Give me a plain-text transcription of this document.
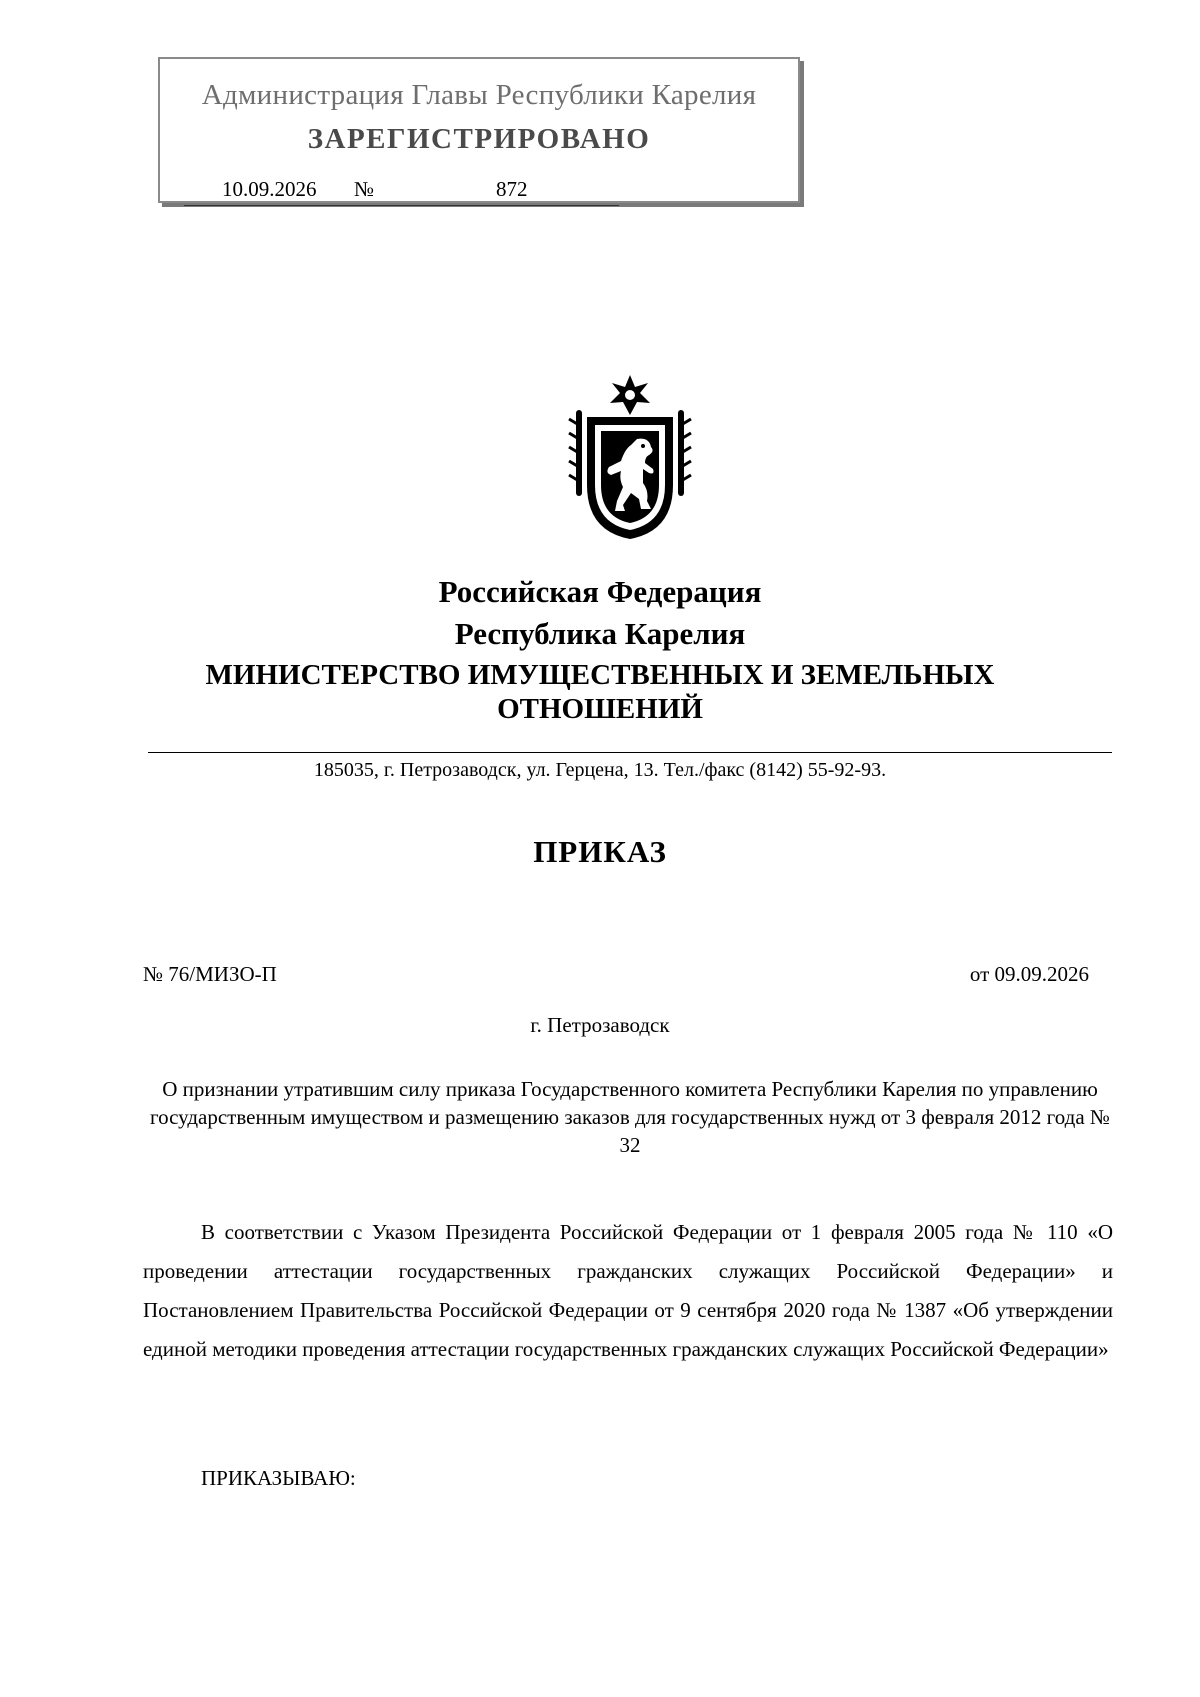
Администрация Главы Республики Карелия
ЗАРЕГИСТРИРОВАНО
10.09.2026 №	872
Российская Федерация
Республика Карелия
МИНИСТЕРСТВО ИМУЩЕСТВЕННЫХ И ЗЕМЕЛЬНЫХ ОТНОШЕНИЙ
185035, г. Петрозаводск, ул. Герцена, 13. Тел./факс (8142) 55-92-93.
ПРИКАЗ
№ 76/МИЗО-П	от 09.09.2026
г. Петрозаводск
О признании утратившим силу приказа Государственного комитета Республики Карелия по управлению государственным имуществом и размещению заказов для государственных нужд от 3 февраля 2012 года № 32
В соответствии с Указом Президента Российской Федерации от 1 февраля 2005 года № 110 «О проведении аттестации государственных гражданских служащих Российской Федерации» и Постановлением Правительства Российской Федерации от 9 сентября 2020 года № 1387 «Об утверждении единой методики проведения аттестации государственных гражданских служащих Российской Федерации»
ПРИКАЗЫВАЮ:
